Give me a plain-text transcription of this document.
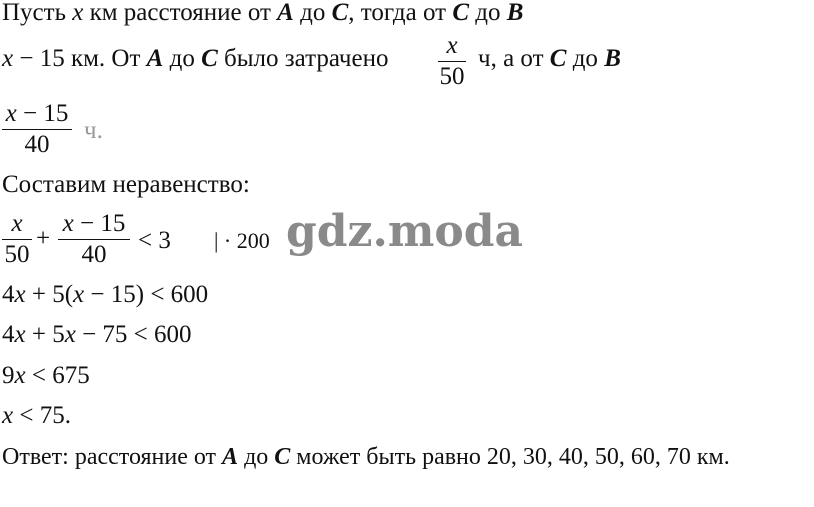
Пусть x км расстояние от A до C, тогда от C до B
x − 15 км. От A до C было затрачено	x
50
ч, а от C до B
x − 15
40
ч.
Составим неравенство:
x
50
+
x − 15
40
< 3 | · 200 gdz.moda
4x + 5(x − 15) < 600
4x + 5x − 75 < 600
9x < 675
x < 75.
Ответ: расстояние от A до C может быть равно 20, 30, 40, 50, 60, 70 км.
